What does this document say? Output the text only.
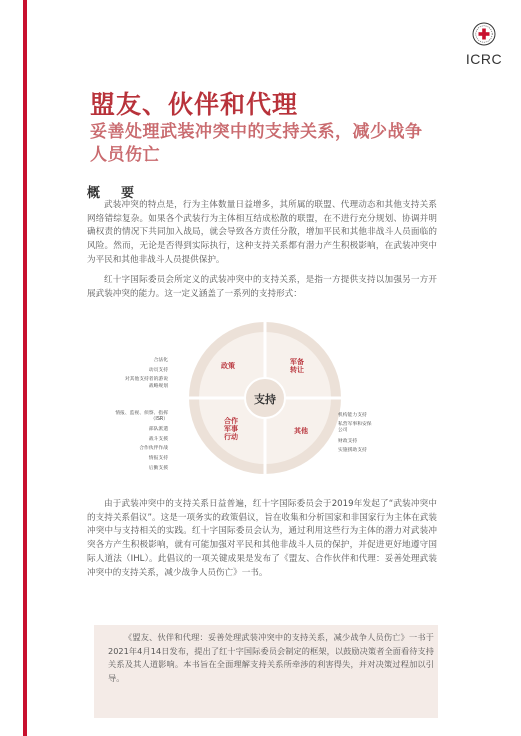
ICRC
盟友、伙伴和代理
妥善处理武装冲突中的支持关系，减少战争人员伤亡
概　要

武装冲突的特点是，行为主体数量日益增多，其所属的联盟、代理动态和其他支持关系网络错综复杂。如果各个武装行为主体相互结成松散的联盟，在不进行充分规划、协调并明确权责的情况下共同加入战局，就会导致各方责任分散，增加平民和其他非战斗人员面临的风险。然而，无论是否得到实际执行，这种支持关系都有潜力产生积极影响，在武装冲突中为平民和其他非战斗人员提供保护。

红十字国际委员会所定义的武装冲突中的支持关系，是指一方提供支持以加强另一方开展武装冲突的能力。这一定义涵盖了一系列的支持形式：

支持
政策	军备
转让
合作
军事
行动
其他
合法化
动员支持
对其他支持者的游说
战略规划
情报、监视、侦察、指挥（ISR）
部队派遣
战斗支援
合作伙伴作战
情报支持
后勤支援
机构能力支持
私营军事和安保公司
财政支持
实施援助支持

由于武装冲突中的支持关系日益普遍，红十字国际委员会于2019年发起了“武装冲突中的支持关系倡议”。这是一项务实的政策倡议，旨在收集和分析国家和非国家行为主体在武装冲突中与支持相关的实践。红十字国际委员会认为，通过利用这些行为主体的潜力对武装冲突各方产生积极影响，就有可能加强对平民和其他非战斗人员的保护，并促进更好地遵守国际人道法（IHL）。此倡议的一项关键成果是发布了《盟友、合作伙伴和代理：妥善处理武装冲突中的支持关系，减少战争人员伤亡》一书。

《盟友、伙伴和代理：妥善处理武装冲突中的支持关系，减少战争人员伤亡》一书于2021年4月14日发布，提出了红十字国际委员会制定的框架，以鼓励决策者全面看待支持关系及其人道影响。本书旨在全面理解支持关系所牵涉的利害得失，并对决策过程加以引导。
